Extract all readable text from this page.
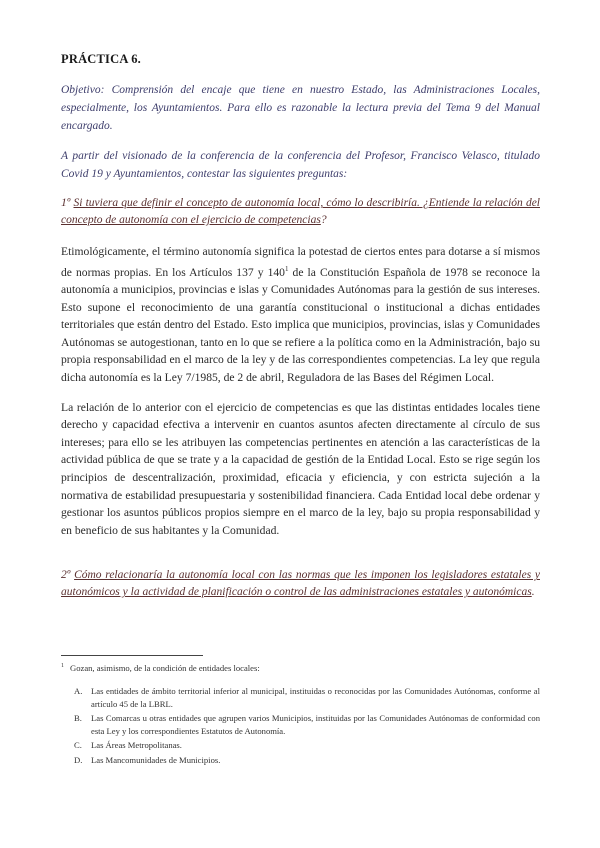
PRÁCTICA 6.

Objetivo: Comprensión del encaje que tiene en nuestro Estado, las Administraciones Locales, especialmente, los Ayuntamientos. Para ello es razonable la lectura previa del Tema 9 del Manual encargado.

A partir del visionado de la conferencia de la conferencia del Profesor, Francisco Velasco, titulado Covid 19 y Ayuntamientos, contestar las siguientes preguntas:

1º Si tuviera que definir el concepto de autonomía local, cómo lo describiría. ¿Entiende la relación del concepto de autonomía con el ejercicio de competencias?

Etimológicamente, el término autonomía significa la potestad de ciertos entes para dotarse a sí mismos de normas propias. En los Artículos 137 y $140^1$ de la Constitución Española de 1978 se reconoce la autonomía a municipios, provincias e islas y Comunidades Autónomas para la gestión de sus intereses. Esto supone el reconocimiento de una garantía constitucional o institucional a dichas entidades territoriales que están dentro del Estado. Esto implica que municipios, provincias, islas y Comunidades Autónomas se autogestionan, tanto en lo que se refiere a la política como en la Administración, bajo su propia responsabilidad en el marco de la ley y de las correspondientes competencias. La ley que regula dicha autonomía es la Ley 7/1985, de 2 de abril, Reguladora de las Bases del Régimen Local.

La relación de lo anterior con el ejercicio de competencias es que las distintas entidades locales tiene derecho y capacidad efectiva a intervenir en cuantos asuntos afecten directamente al círculo de sus intereses; para ello se les atribuyen las competencias pertinentes en atención a las características de la actividad pública de que se trate y a la capacidad de gestión de la Entidad Local. Esto se rige según los principios de descentralización, proximidad, eficacia y eficiencia, y con estricta sujeción a la normativa de estabilidad presupuestaria y sostenibilidad financiera. Cada Entidad local debe ordenar y gestionar los asuntos públicos propios siempre en el marco de la ley, bajo su propia responsabilidad y en beneficio de sus habitantes y la Comunidad.

2º Cómo relacionaría la autonomía local con las normas que les imponen los legisladores estatales y autonómicos y la actividad de planificación o control de las administraciones estatales y autonómicas.

$^1$ Gozan, asimismo, de la condición de entidades locales:

A.	Las entidades de ámbito territorial inferior al municipal, instituidas o reconocidas por las Comunidades Autónomas, conforme al artículo 45 de la LBRL.
B.	Las Comarcas u otras entidades que agrupen varios Municipios, instituidas por las Comunidades Autónomas de conformidad con esta Ley y los correspondientes Estatutos de Autonomía.
C.	Las Áreas Metropolitanas.
D.	Las Mancomunidades de Municipios.
